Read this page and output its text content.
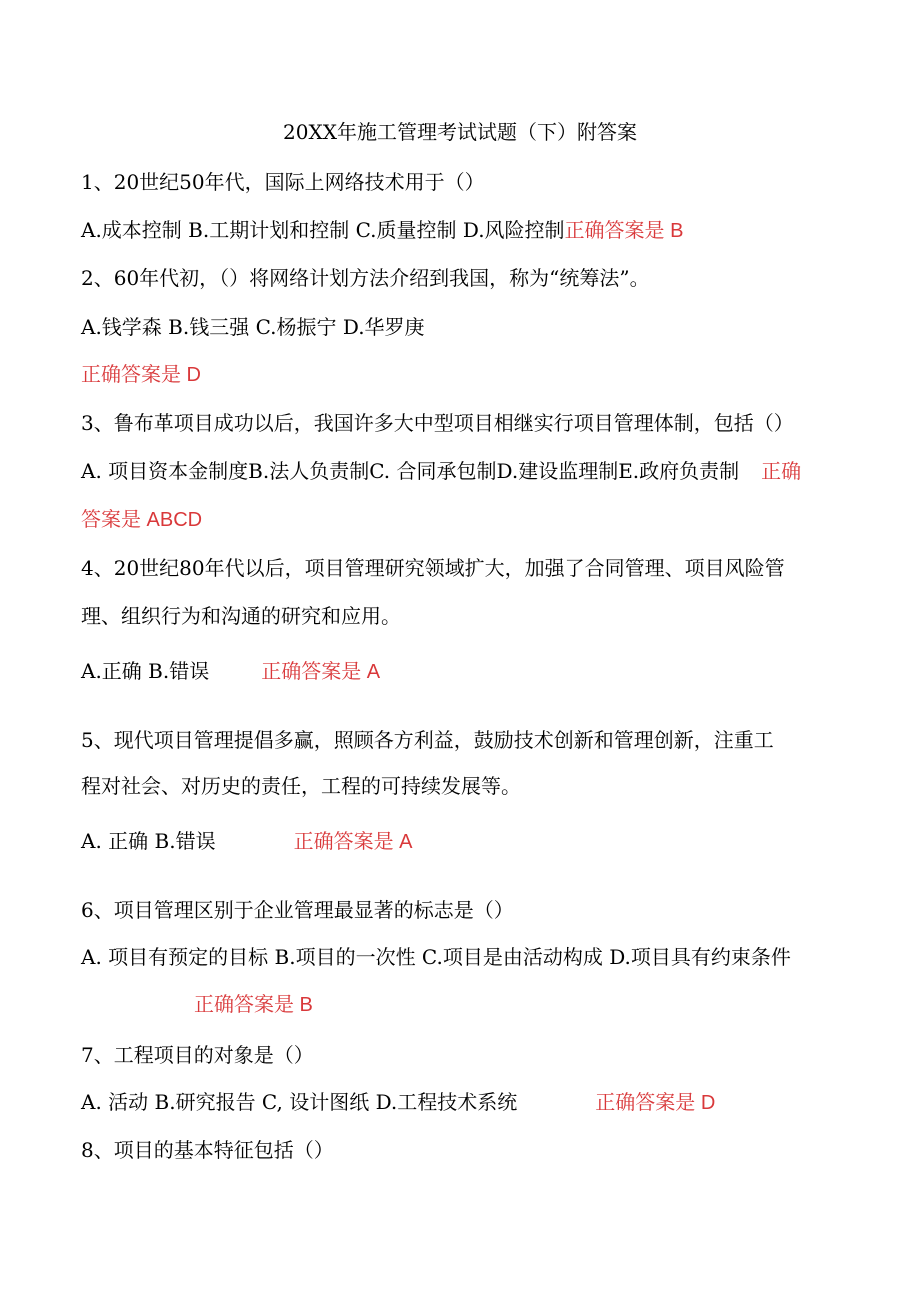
20XX年施工管理考试试题（下）附答案
1、20世纪50年代，国际上网络技术用于（）
A.成本控制 B.工期计划和控制 C.质量控制 D.风险控制正确答案是 B
2、60年代初，（）将网络计划方法介绍到我国，称为“统筹法”。
A.钱学森 B.钱三强 C.杨振宁 D.华罗庚
正确答案是 D
3、鲁布革项目成功以后，我国许多大中型项目相继实行项目管理体制，包括（）
A. 项目资本金制度B.法人负责制C. 合同承包制D.建设监理制E.政府负责制 正确
答案是 ABCD
4、20世纪80年代以后，项目管理研究领域扩大，加强了合同管理、项目风险管
理、组织行为和沟通的研究和应用。
A.正确 B.错误	正确答案是 A
5、现代项目管理提倡多赢，照顾各方利益，鼓励技术创新和管理创新，注重工
程对社会、对历史的责任，工程的可持续发展等。
A. 正确 B.错误	正确答案是 A
6、项目管理区别于企业管理最显著的标志是（）
A. 项目有预定的目标 B.项目的一次性 C.项目是由活动构成 D.项目具有约束条件
正确答案是 B
7、工程项目的对象是（）
A. 活动 B.研究报告 C, 设计图纸 D.工程技术系统	正确答案是 D
8、项目的基本特征包括（）
